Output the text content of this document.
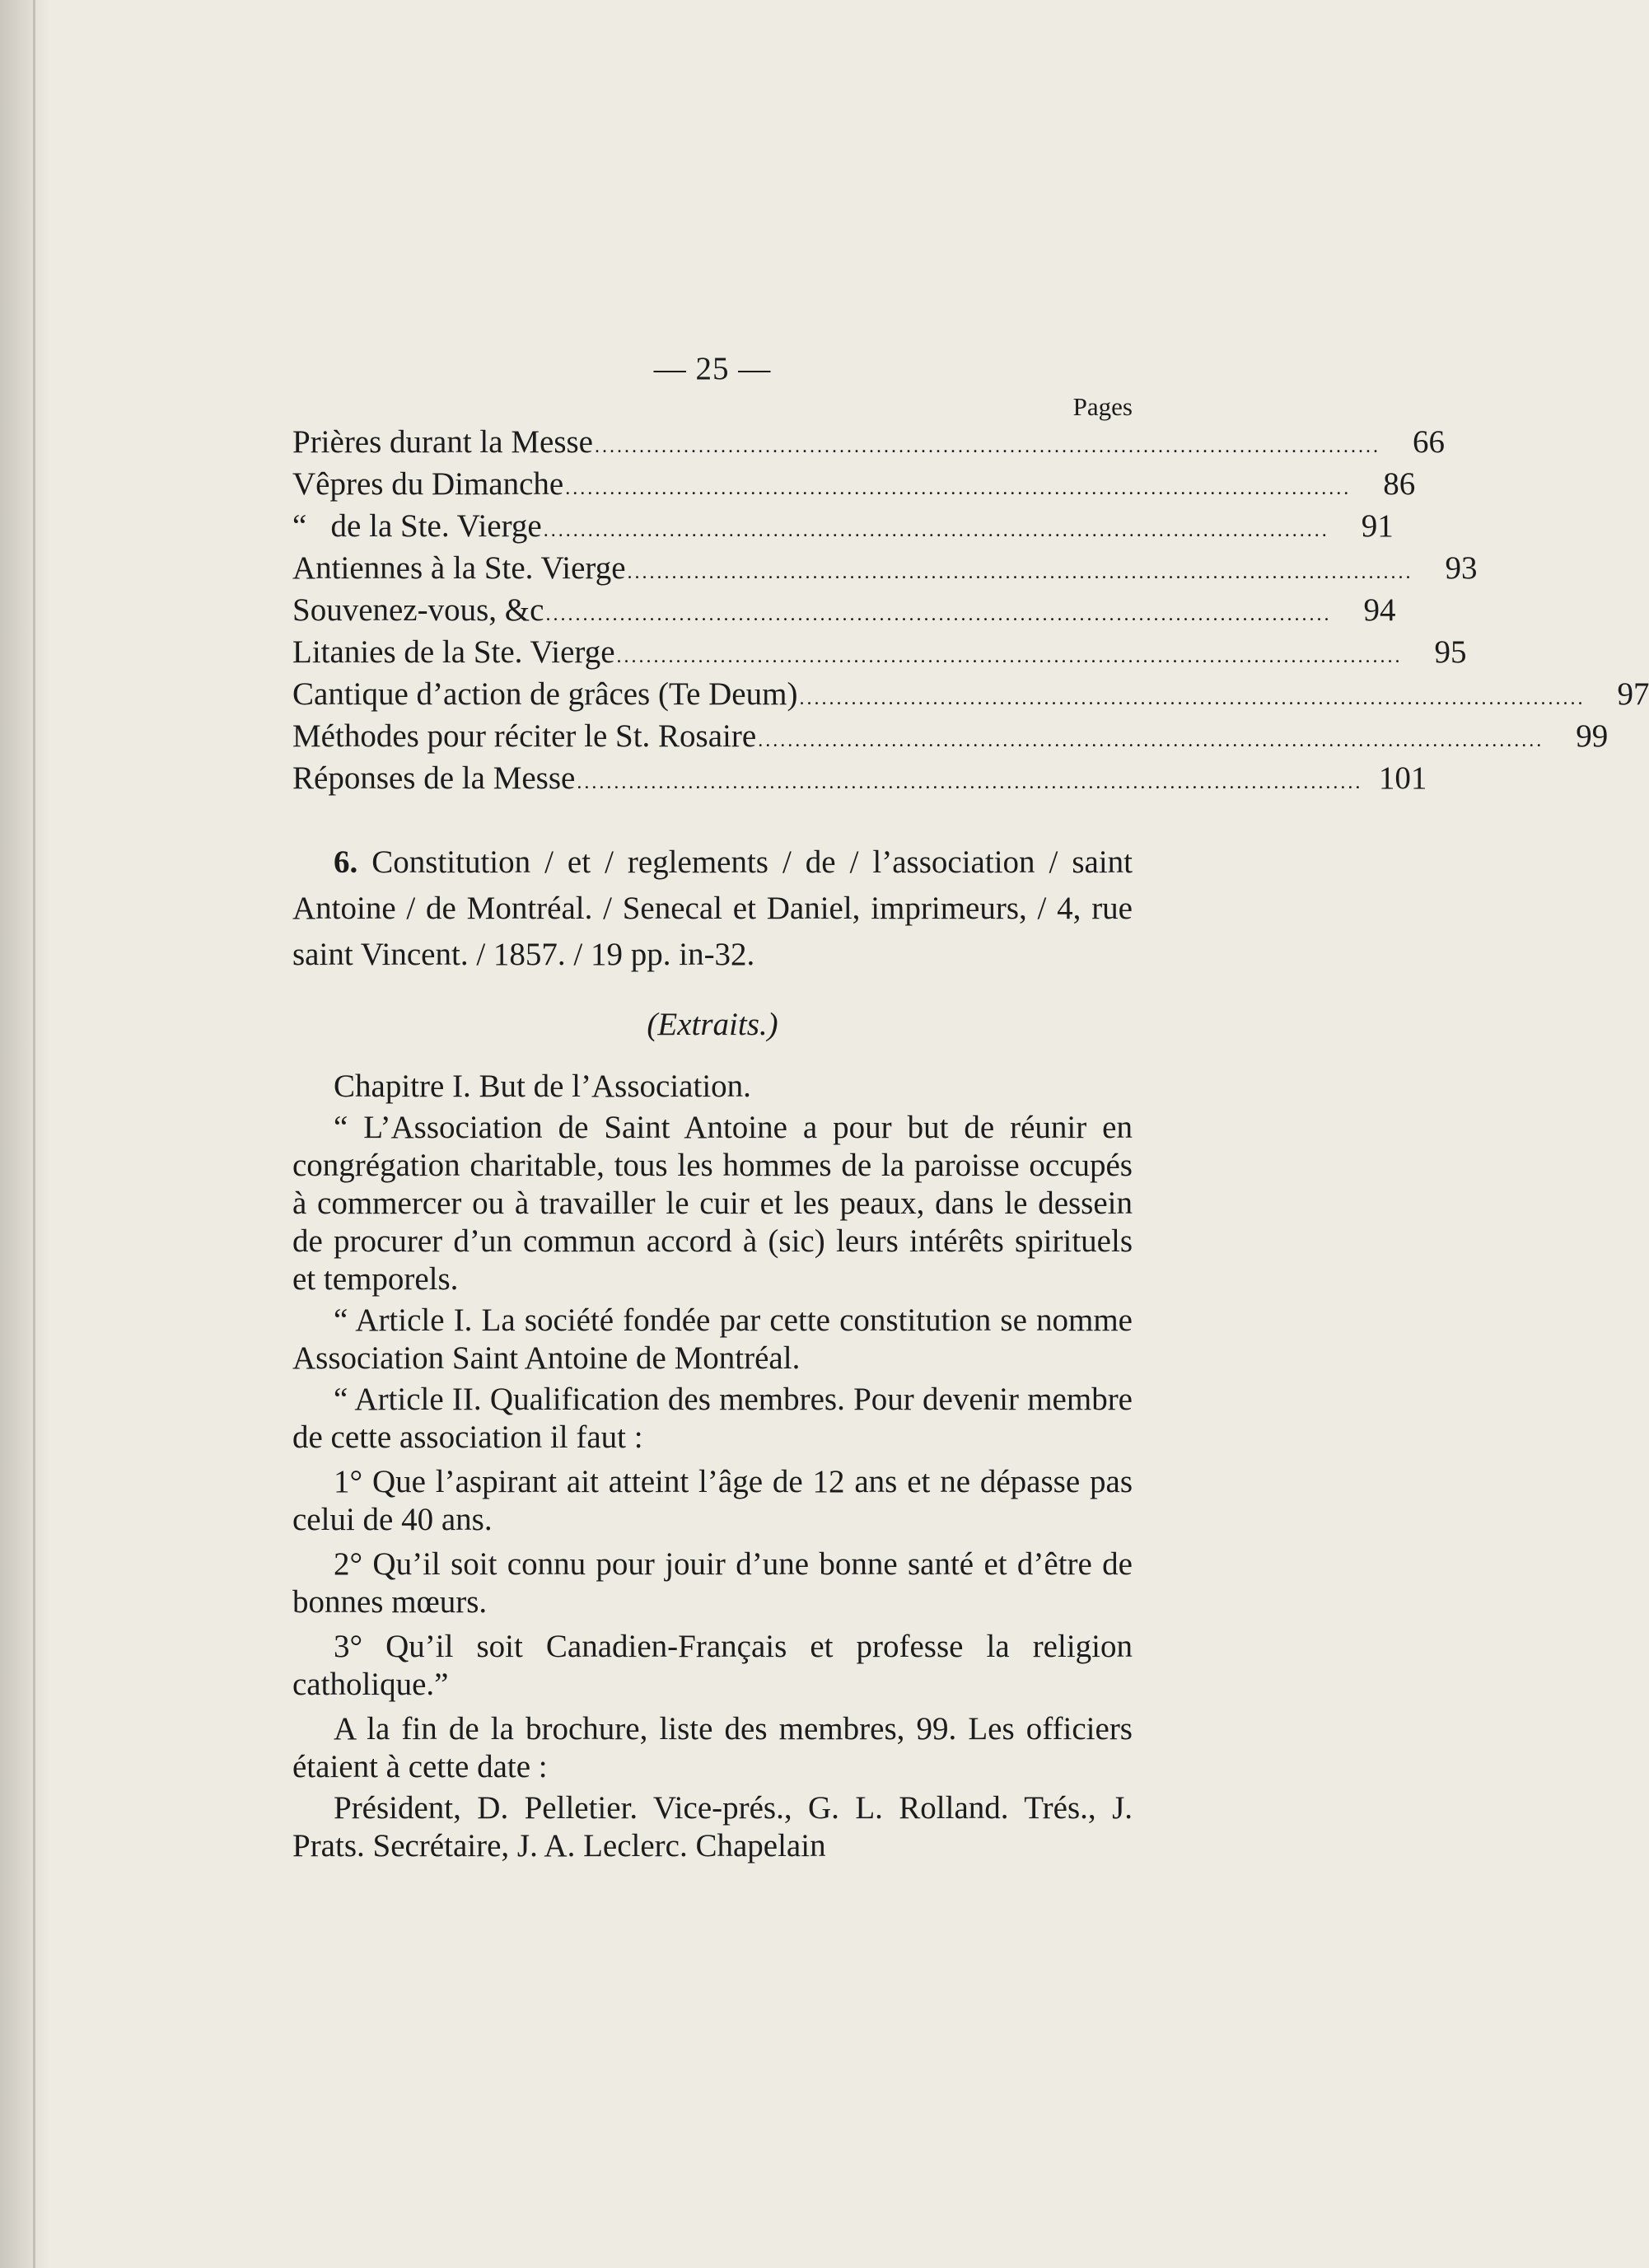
— 25 —
Pages
Prières durant la Messe ..........................................................................................................	66
Vêpres du Dimanche ..........................................................................................................	86
“   de la Ste. Vierge ..........................................................................................................	91
Antiennes à la Ste. Vierge ..........................................................................................................	93
Souvenez-vous, &c ..........................................................................................................	94
Litanies de la Ste. Vierge ..........................................................................................................	95
Cantique d’action de grâces (Te Deum) ..........................................................................................................	97
Méthodes pour réciter le St. Rosaire ..........................................................................................................	99
Réponses de la Messe .......................................................................................................... 101
6. Constitution / et / reglements / de / l’association / saint Antoine / de Montréal. / Senecal et Daniel, imprimeurs, / 4, rue saint Vincent. / 1857. / 19 pp. in-32.
(Extraits.)

Chapitre I. But de l’Association.

“ L’Association de Saint Antoine a pour but de réunir en congrégation charitable, tous les hommes de la paroisse occupés à commercer ou à travailler le cuir et les peaux, dans le dessein de procurer d’un commun accord à (sic) leurs intérêts spirituels et temporels.

“ Article I. La société fondée par cette constitution se nomme Association Saint Antoine de Montréal.

“ Article II. Qualification des membres. Pour devenir membre de cette association il faut :

1° Que l’aspirant ait atteint l’âge de 12 ans et ne dépasse pas celui de 40 ans.

2° Qu’il soit connu pour jouir d’une bonne santé et d’être de bonnes mœurs.

3° Qu’il soit Canadien-Français et professe la religion catholique.”

A la fin de la brochure, liste des membres, 99. Les officiers étaient à cette date :

Président, D. Pelletier. Vice-prés., G. L. Rolland. Trés., J. Prats. Secrétaire, J. A. Leclerc. Chapelain
